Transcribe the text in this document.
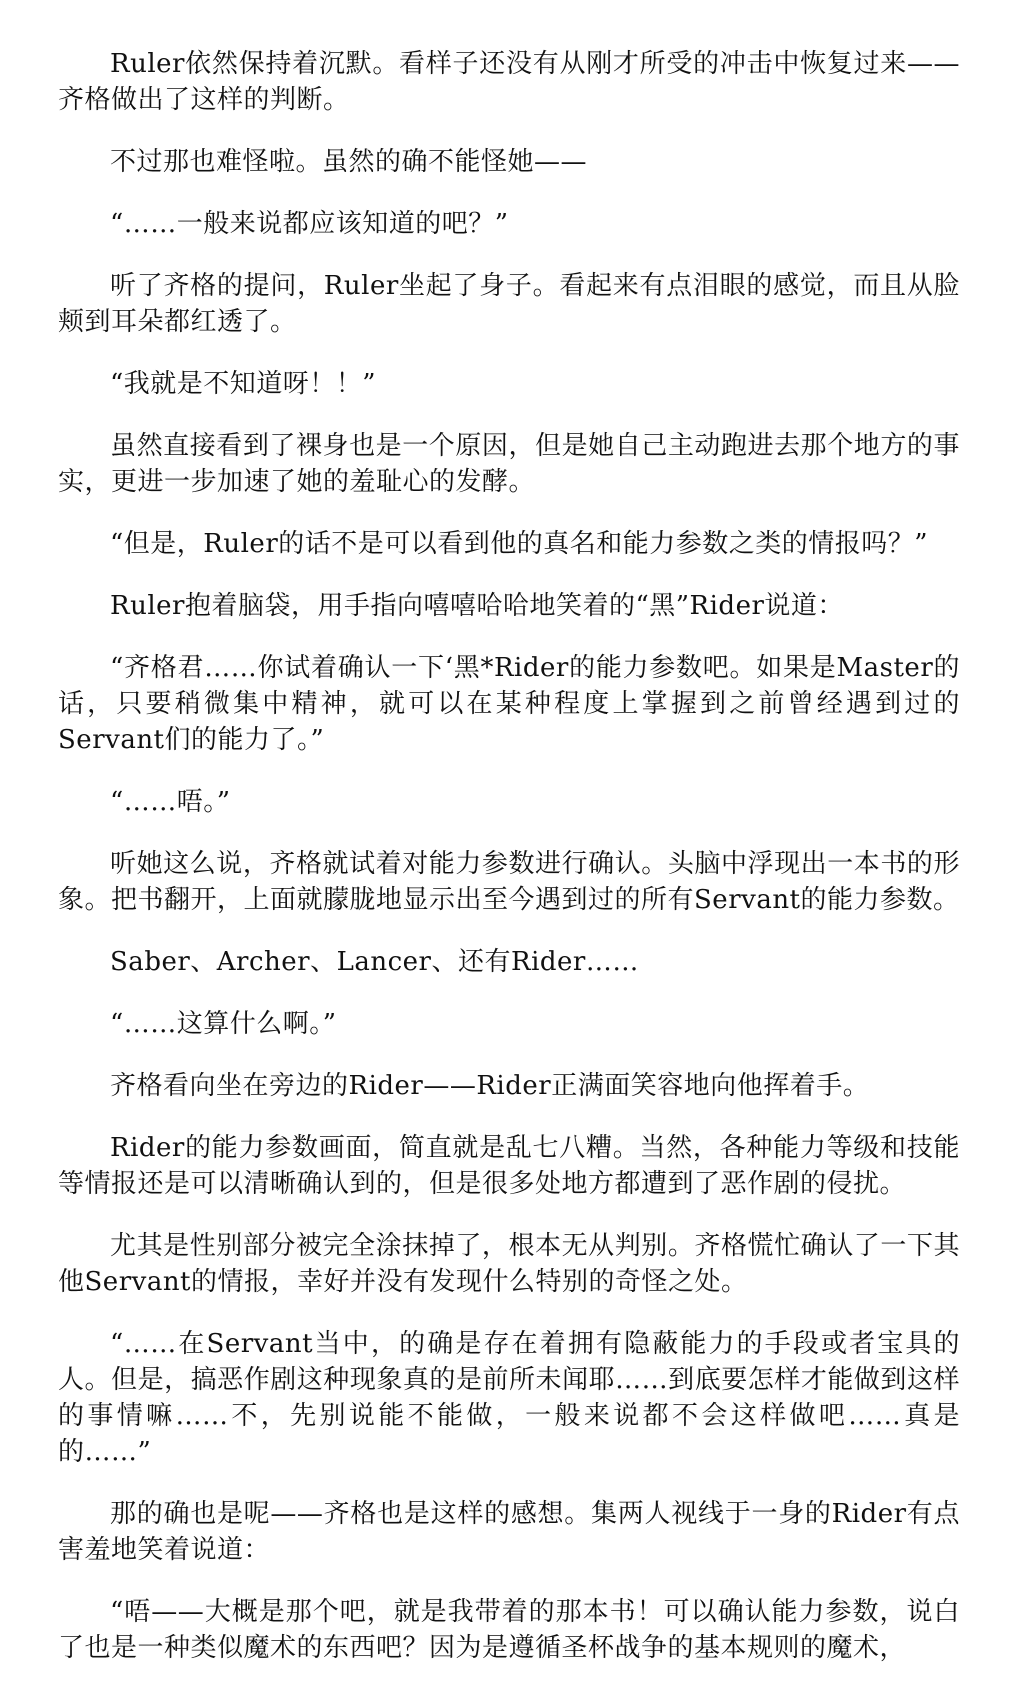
Ruler依然保持着沉默。看样子还没有从刚才所受的冲击中恢复过来——齐格做出了这样的判断。

不过那也难怪啦。虽然的确不能怪她——

“……一般来说都应该知道的吧？”

听了齐格的提问，Ruler坐起了身子。看起来有点泪眼的感觉，而且从脸颊到耳朵都红透了。

“我就是不知道呀！！”

虽然直接看到了裸身也是一个原因，但是她自己主动跑进去那个地方的事实，更进一步加速了她的羞耻心的发酵。

“但是，Ruler的话不是可以看到他的真名和能力参数之类的情报吗？”

Ruler抱着脑袋，用手指向嘻嘻哈哈地笑着的“黑”Rider说道：

“齐格君……你试着确认一下‘黑*Rider的能力参数吧。如果是Master的话，只要稍微集中精神，就可以在某种程度上掌握到之前曾经遇到过的Servant们的能力了。”

“……唔。”

听她这么说，齐格就试着对能力参数进行确认。头脑中浮现出一本书的形象。把书翻开，上面就朦胧地显示出至今遇到过的所有Servant的能力参数。

Saber、Archer、Lancer、还有Rider……

“……这算什么啊。”

齐格看向坐在旁边的Rider——Rider正满面笑容地向他挥着手。

Rider的能力参数画面，简直就是乱七八糟。当然，各种能力等级和技能等情报还是可以清晰确认到的，但是很多处地方都遭到了恶作剧的侵扰。

尤其是性别部分被完全涂抹掉了，根本无从判别。齐格慌忙确认了一下其他Servant的情报，幸好并没有发现什么特别的奇怪之处。

“……在Servant当中，的确是存在着拥有隐蔽能力的手段或者宝具的人。但是，搞恶作剧这种现象真的是前所未闻耶……到底要怎样才能做到这样的事情嘛……不，先别说能不能做，一般来说都不会这样做吧……真是的……”

那的确也是呢——齐格也是这样的感想。集两人视线于一身的Rider有点害羞地笑着说道：

“唔——大概是那个吧，就是我带着的那本书！可以确认能力参数，说白了也是一种类似魔术的东西吧？因为是遵循圣杯战争的基本规则的魔术，
